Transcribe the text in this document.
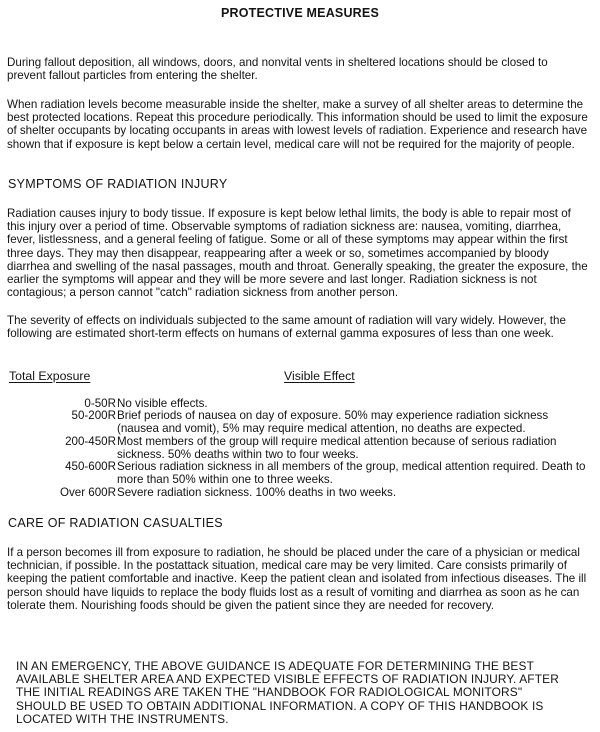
PROTECTIVE MEASURES
During fallout deposition, all windows, doors, and nonvital vents in sheltered locations should be closed to prevent fallout particles from entering the shelter.
When radiation levels become measurable inside the shelter, make a survey of all shelter areas to determine the best protected locations. Repeat this procedure periodically. This information should be used to limit the exposure of shelter occupants by locating occupants in areas with lowest levels of radiation. Experience and research have shown that if exposure is kept below a certain level, medical care will not be required for the majority of people.
SYMPTOMS OF RADIATION INJURY
Radiation causes injury to body tissue. If exposure is kept below lethal limits, the body is able to repair most of this injury over a period of time. Observable symptoms of radiation sickness are: nausea, vomiting, diarrhea, fever, listlessness, and a general feeling of fatigue. Some or all of these symptoms may appear within the first three days. They may then disappear, reappearing after a week or so, sometimes accompanied by bloody diarrhea and swelling of the nasal passages, mouth and throat. Generally speaking, the greater the exposure, the earlier the symptoms will appear and they will be more severe and last longer. Radiation sickness is not contagious; a person cannot "catch" radiation sickness from another person.
The severity of effects on individuals subjected to the same amount of radiation will vary widely. However, the following are estimated short-term effects on humans of external gamma exposures of less than one week.
Total Exposure	Visible Effect
0-50R No visible effects.
50-200R Brief periods of nausea on day of exposure. 50% may experience radiation sickness (nausea and vomit), 5% may require medical attention, no deaths are expected.
200-450R Most members of the group will require medical attention because of serious radiation sickness. 50% deaths within two to four weeks.
450-600R Serious radiation sickness in all members of the group, medical attention required. Death to more than 50% within one to three weeks.
Over 600R Severe radiation sickness. 100% deaths in two weeks.
CARE OF RADIATION CASUALTIES
If a person becomes ill from exposure to radiation, he should be placed under the care of a physician or medical technician, if possible. In the postattack situation, medical care may be very limited. Care consists primarily of keeping the patient comfortable and inactive. Keep the patient clean and isolated from infectious diseases. The ill person should have liquids to replace the body fluids lost as a result of vomiting and diarrhea as soon as he can tolerate them. Nourishing foods should be given the patient since they are needed for recovery.
IN AN EMERGENCY, THE ABOVE GUIDANCE IS ADEQUATE FOR DETERMINING THE BEST AVAILABLE SHELTER AREA AND EXPECTED VISIBLE EFFECTS OF RADIATION INJURY. AFTER THE INITIAL READINGS ARE TAKEN THE "HANDBOOK FOR RADIOLOGICAL MONITORS" SHOULD BE USED TO OBTAIN ADDITIONAL INFORMATION. A COPY OF THIS HANDBOOK IS LOCATED WITH THE INSTRUMENTS.
